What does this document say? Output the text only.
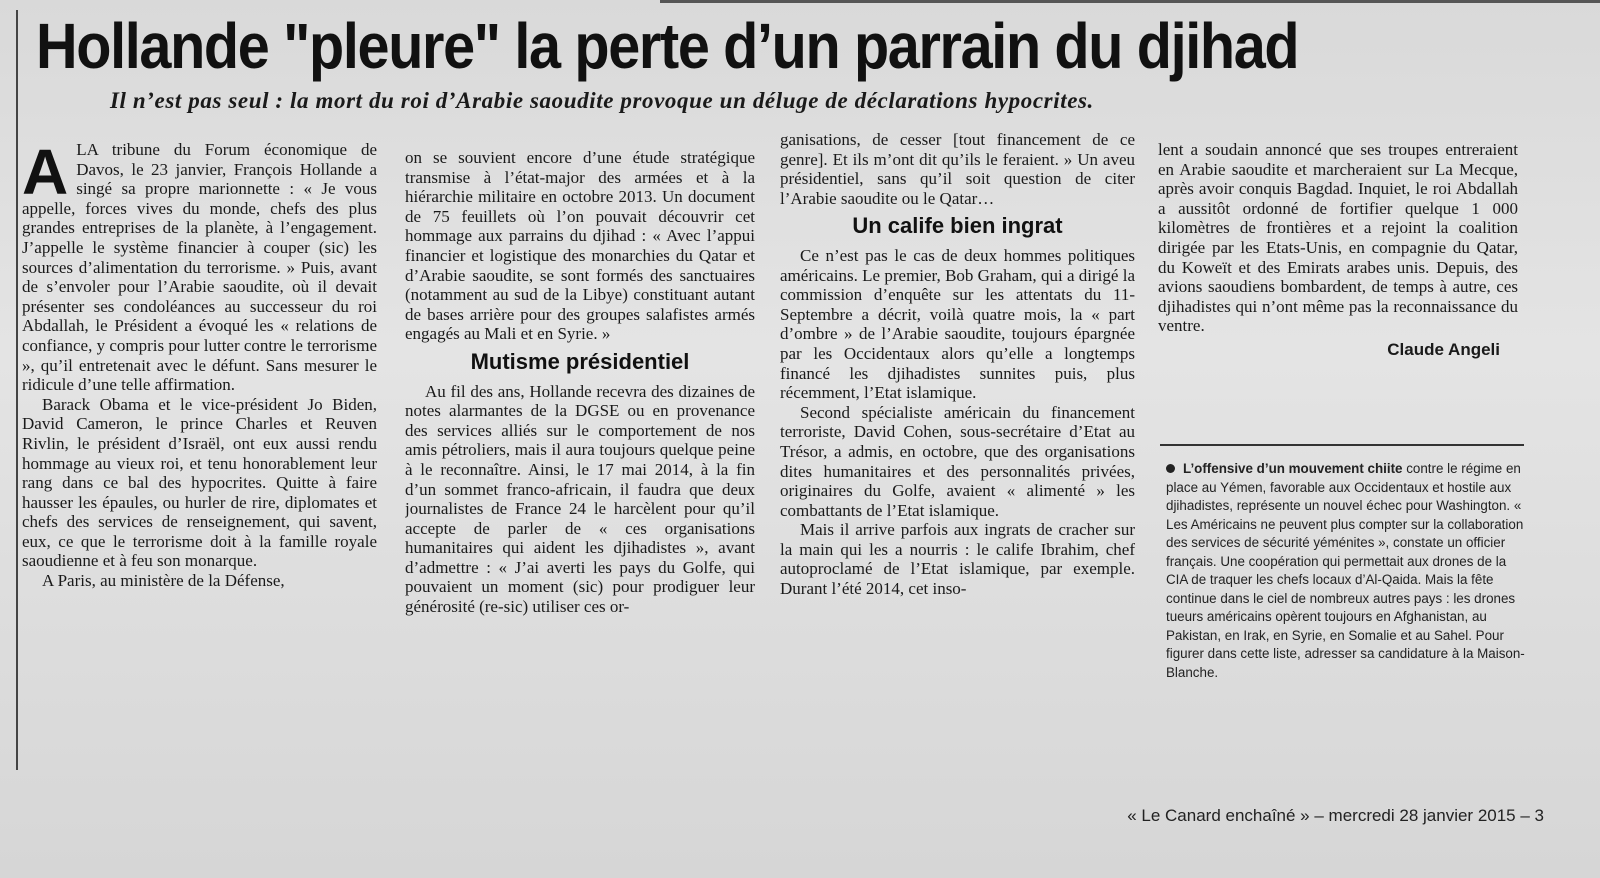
Hollande "pleure" la perte d’un parrain du djihad
Il n’est pas seul : la mort du roi d’Arabie saoudite provoque un déluge de déclarations hypocrites.

ALA tribune du Forum économique de Davos, le 23 janvier, François Hollande a singé sa propre marionnette : « Je vous appelle, forces vives du monde, chefs des plus grandes entreprises de la planète, à l’engagement. J’appelle le système financier à couper (sic) les sources d’alimentation du terrorisme. » Puis, avant de s’envoler pour l’Arabie saoudite, où il devait présenter ses condoléances au successeur du roi Abdallah, le Président a évoqué les « relations de confiance, y compris pour lutter contre le terrorisme », qu’il entretenait avec le défunt. Sans mesurer le ridicule d’une telle affirmation.

Barack Obama et le vice-président Jo Biden, David Cameron, le prince Charles et Reuven Rivlin, le président d’Israël, ont eux aussi rendu hommage au vieux roi, et tenu honorablement leur rang dans ce bal des hypocrites. Quitte à faire hausser les épaules, ou hurler de rire, diplomates et chefs des services de renseignement, qui savent, eux, ce que le terrorisme doit à la famille royale saoudienne et à feu son monarque.

A Paris, au ministère de la Défense,

on se souvient encore d’une étude stratégique transmise à l’état-major des armées et à la hiérarchie militaire en octobre 2013. Un document de 75 feuillets où l’on pouvait découvrir cet hommage aux parrains du djihad : « Avec l’appui financier et logistique des monarchies du Qatar et d’Arabie saoudite, se sont formés des sanctuaires (notamment au sud de la Libye) constituant autant de bases arrière pour des groupes salafistes armés engagés au Mali et en Syrie. »

Mutisme présidentiel

Au fil des ans, Hollande recevra des dizaines de notes alarmantes de la DGSE ou en provenance des services alliés sur le comportement de nos amis pétroliers, mais il aura toujours quelque peine à le reconnaître. Ainsi, le 17 mai 2014, à la fin d’un sommet franco-africain, il faudra que deux journalistes de France 24 le harcèlent pour qu’il accepte de parler de « ces organisations humanitaires qui aident les djihadistes », avant d’admettre : « J’ai averti les pays du Golfe, qui pouvaient un moment (sic) pour prodiguer leur générosité (re-sic) utiliser ces or-

ganisations, de cesser [tout financement de ce genre]. Et ils m’ont dit qu’ils le feraient. » Un aveu présidentiel, sans qu’il soit question de citer l’Arabie saoudite ou le Qatar…

Un calife bien ingrat

Ce n’est pas le cas de deux hommes politiques américains. Le premier, Bob Graham, qui a dirigé la commission d’enquête sur les attentats du 11-Septembre a décrit, voilà quatre mois, la « part d’ombre » de l’Arabie saoudite, toujours épargnée par les Occidentaux alors qu’elle a longtemps financé les djihadistes sunnites puis, plus récemment, l’Etat islamique.

Second spécialiste américain du financement terroriste, David Cohen, sous-secrétaire d’Etat au Trésor, a admis, en octobre, que des organisations dites humanitaires et des personnalités privées, originaires du Golfe, avaient « alimenté » les combattants de l’Etat islamique.

Mais il arrive parfois aux ingrats de cracher sur la main qui les a nourris : le calife Ibrahim, chef autoproclamé de l’Etat islamique, par exemple. Durant l’été 2014, cet inso-

lent a soudain annoncé que ses troupes entreraient en Arabie saoudite et marcheraient sur La Mecque, après avoir conquis Bagdad. Inquiet, le roi Abdallah a aussitôt ordonné de fortifier quelque 1 000 kilomètres de frontières et a rejoint la coalition dirigée par les Etats-Unis, en compagnie du Qatar, du Koweït et des Emirats arabes unis. Depuis, des avions saoudiens bombardent, de temps à autre, ces djihadistes qui n’ont même pas la reconnaissance du ventre.

Claude Angeli
L’offensive d’un mouvement chiite contre le régime en place au Yémen, favorable aux Occidentaux et hostile aux djihadistes, représente un nouvel échec pour Washington. « Les Américains ne peuvent plus compter sur la collaboration des services de sécurité yéménites », constate un officier français. Une coopération qui permettait aux drones de la CIA de traquer les chefs locaux d’Al-Qaida. Mais la fête continue dans le ciel de nombreux autres pays : les drones tueurs américains opèrent toujours en Afghanistan, au Pakistan, en Irak, en Syrie, en Somalie et au Sahel. Pour figurer dans cette liste, adresser sa candidature à la Maison-Blanche.
« Le Canard enchaîné » – mercredi 28 janvier 2015 – 3
